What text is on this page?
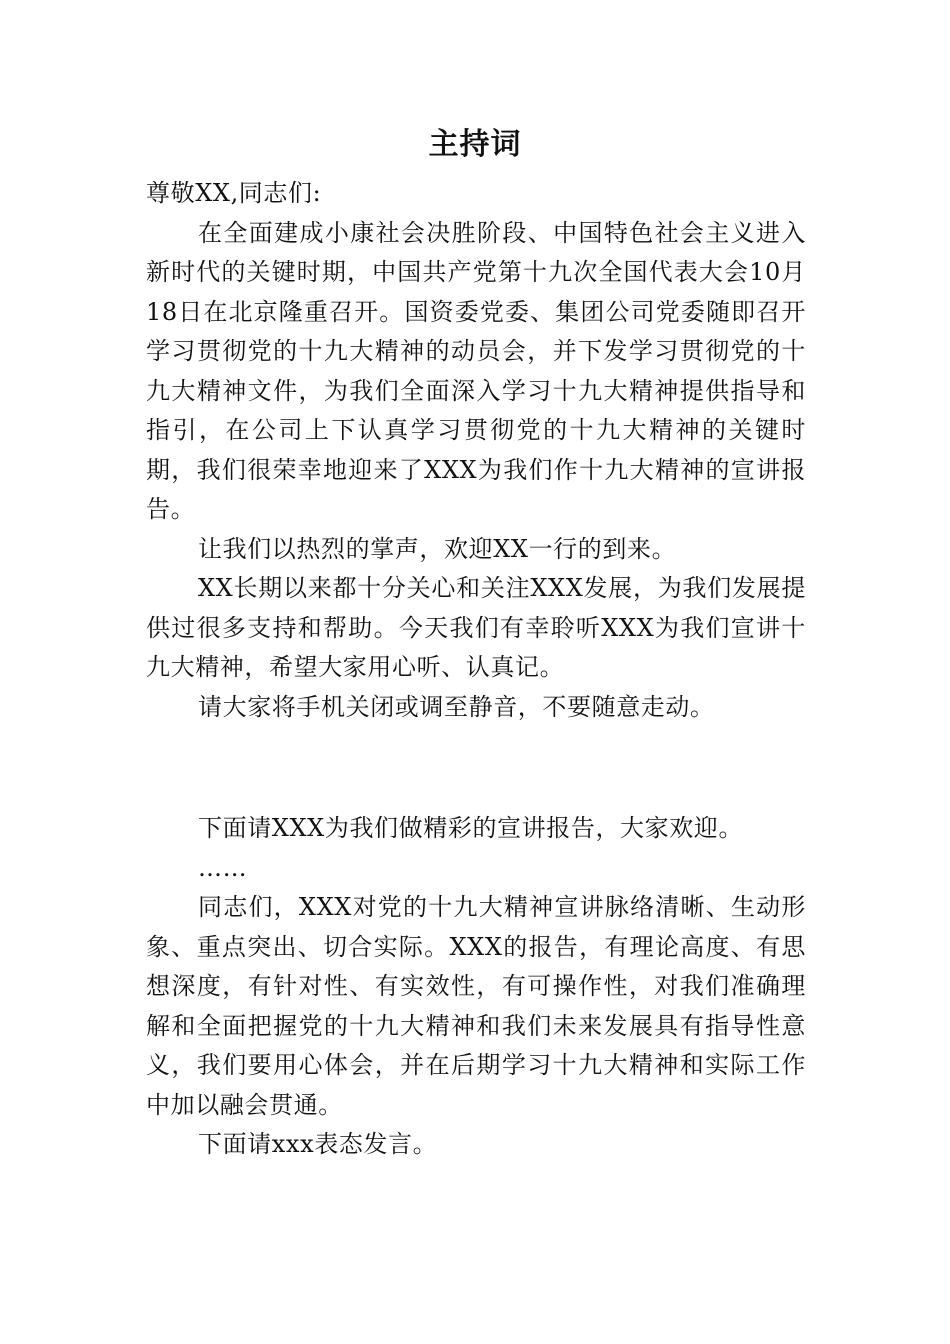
主持词

尊敬XX,同志们:

在全面建成小康社会决胜阶段、中国特色社会主义进入新时代的关键时期，中国共产党第十九次全国代表大会10月18日在北京隆重召开。国资委党委、集团公司党委随即召开学习贯彻党的十九大精神的动员会，并下发学习贯彻党的十九大精神文件，为我们全面深入学习十九大精神提供指导和指引，在公司上下认真学习贯彻党的十九大精神的关键时期，我们很荣幸地迎来了XXX为我们作十九大精神的宣讲报告。

让我们以热烈的掌声，欢迎XX一行的到来。

XX长期以来都十分关心和关注XXX发展，为我们发展提供过很多支持和帮助。今天我们有幸聆听XXX为我们宣讲十九大精神，希望大家用心听、认真记。

请大家将手机关闭或调至静音，不要随意走动。

下面请XXX为我们做精彩的宣讲报告，大家欢迎。

……

同志们，XXX对党的十九大精神宣讲脉络清晰、生动形象、重点突出、切合实际。XXX的报告，有理论高度、有思想深度，有针对性、有实效性，有可操作性，对我们准确理解和全面把握党的十九大精神和我们未来发展具有指导性意义，我们要用心体会，并在后期学习十九大精神和实际工作中加以融会贯通。

下面请xxx表态发言。
